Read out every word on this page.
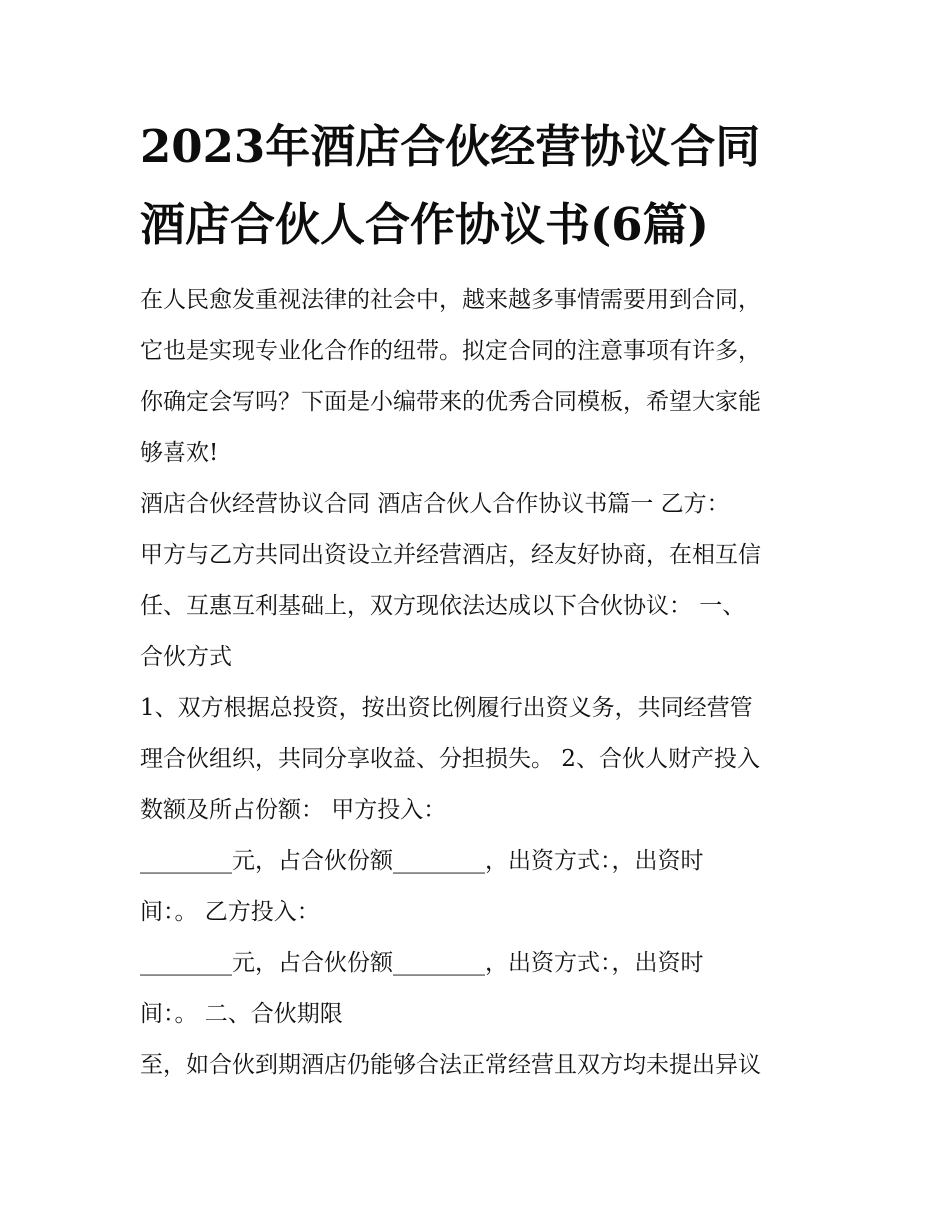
2023年酒店合伙经营协议合同
酒店合伙人合作协议书(6篇)
在人民愈发重视法律的社会中，越来越多事情需要用到合同，
它也是实现专业化合作的纽带。拟定合同的注意事项有许多，
你确定会写吗？下面是小编带来的优秀合同模板，希望大家能
够喜欢!
酒店合伙经营协议合同 酒店合伙人合作协议书篇一 乙方：
甲方与乙方共同出资设立并经营酒店，经友好协商，在相互信
任、互惠互利基础上，双方现依法达成以下合伙协议： 一、
合伙方式
1、双方根据总投资，按出资比例履行出资义务，共同经营管
理合伙组织，共同分享收益、分担损失。 2、合伙人财产投入
数额及所占份额： 甲方投入：
________元，占合伙份额________，出资方式：，出资时
间：。 乙方投入：
________元，占合伙份额________，出资方式：，出资时
间：。 二、合伙期限
至，如合伙到期酒店仍能够合法正常经营且双方均未提出异议
